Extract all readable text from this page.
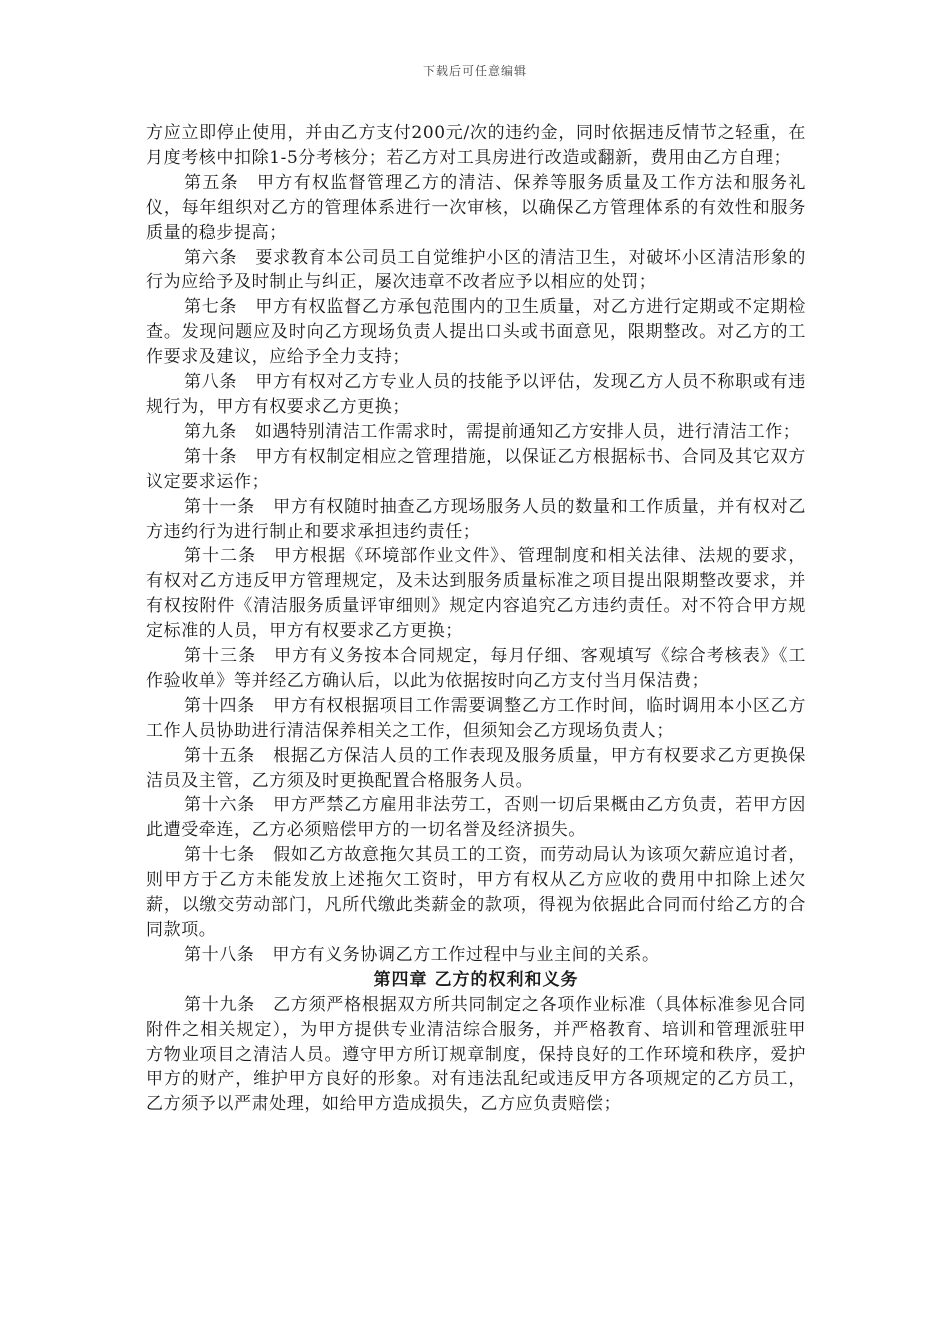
下载后可任意编辑

方应立即停止使用，并由乙方支付200元/次的违约金，同时依据违反情节之轻重，在月度考核中扣除1-5分考核分；若乙方对工具房进行改造或翻新，费用由乙方自理；

第五条 甲方有权监督管理乙方的清洁、保养等服务质量及工作方法和服务礼仪，每年组织对乙方的管理体系进行一次审核，以确保乙方管理体系的有效性和服务质量的稳步提高；

第六条 要求教育本公司员工自觉维护小区的清洁卫生，对破坏小区清洁形象的行为应给予及时制止与纠正，屡次违章不改者应予以相应的处罚；

第七条 甲方有权监督乙方承包范围内的卫生质量，对乙方进行定期或不定期检查。发现问题应及时向乙方现场负责人提出口头或书面意见，限期整改。对乙方的工作要求及建议，应给予全力支持；

第八条 甲方有权对乙方专业人员的技能予以评估，发现乙方人员不称职或有违规行为，甲方有权要求乙方更换；

第九条 如遇特别清洁工作需求时，需提前通知乙方安排人员，进行清洁工作；

第十条 甲方有权制定相应之管理措施，以保证乙方根据标书、合同及其它双方议定要求运作；

第十一条 甲方有权随时抽查乙方现场服务人员的数量和工作质量，并有权对乙方违约行为进行制止和要求承担违约责任；

第十二条 甲方根据《环境部作业文件》、管理制度和相关法律、法规的要求，有权对乙方违反甲方管理规定，及未达到服务质量标准之项目提出限期整改要求，并有权按附件《清洁服务质量评审细则》规定内容追究乙方违约责任。对不符合甲方规定标准的人员，甲方有权要求乙方更换；

第十三条 甲方有义务按本合同规定，每月仔细、客观填写《综合考核表》《工作验收单》等并经乙方确认后，以此为依据按时向乙方支付当月保洁费；

第十四条 甲方有权根据项目工作需要调整乙方工作时间，临时调用本小区乙方工作人员协助进行清洁保养相关之工作，但须知会乙方现场负责人；

第十五条 根据乙方保洁人员的工作表现及服务质量，甲方有权要求乙方更换保洁员及主管，乙方须及时更换配置合格服务人员。

第十六条 甲方严禁乙方雇用非法劳工，否则一切后果概由乙方负责，若甲方因此遭受牵连，乙方必须赔偿甲方的一切名誉及经济损失。

第十七条 假如乙方故意拖欠其员工的工资，而劳动局认为该项欠薪应追讨者，则甲方于乙方未能发放上述拖欠工资时，甲方有权从乙方应收的费用中扣除上述欠薪，以缴交劳动部门，凡所代缴此类薪金的款项，得视为依据此合同而付给乙方的合同款项。

第十八条 甲方有义务协调乙方工作过程中与业主间的关系。

第四章 乙方的权利和义务

第十九条 乙方须严格根据双方所共同制定之各项作业标准（具体标准参见合同附件之相关规定），为甲方提供专业清洁综合服务，并严格教育、培训和管理派驻甲方物业项目之清洁人员。遵守甲方所订规章制度，保持良好的工作环境和秩序，爱护甲方的财产，维护甲方良好的形象。对有违法乱纪或违反甲方各项规定的乙方员工，乙方须予以严肃处理，如给甲方造成损失，乙方应负责赔偿；
